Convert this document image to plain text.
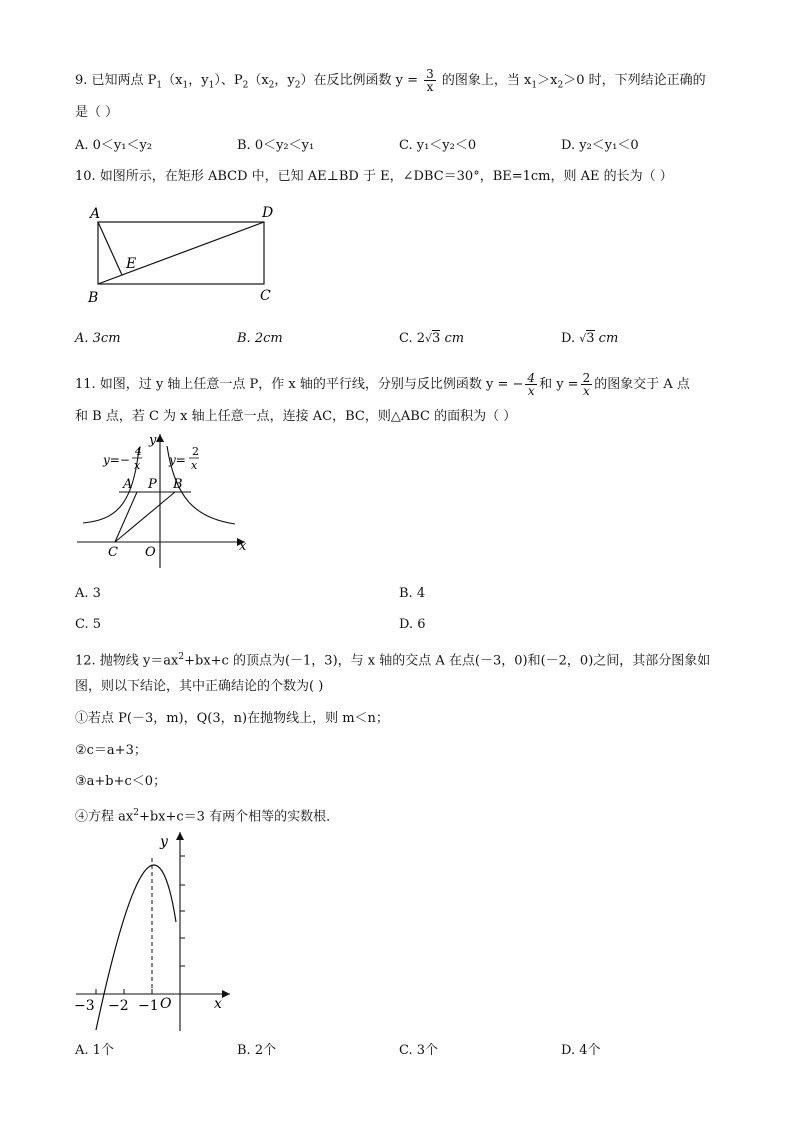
9. 已知两点 $P_1(x_1$，$y_1$）、$P_2(x_2$，$y_2$）在反比例函数 $y = \frac{3}{x}$ 的图象上，当 $x_1>x_2>0$ 时，下列结论正确的
是（ ）
A. 0＜y₁＜y₂	B. 0＜y₂＜y₁	C. y₁＜y₂＜0	D. y₂＜y₁＜0
10. 如图所示，在矩形 ABCD 中，已知 AE⊥BD 于 E，∠DBC＝30°，BE=1cm，则 AE 的长为（ ）
A	D
B	C
E
A. 3cm	B. 2cm	C. 2√3 cm	D. √3 cm
11. 如图，过 y 轴上任意一点 P，作 x 轴的平行线，分别与反比例函数 y = − $\frac{4}{x}$ 和 $y = \frac{2}{x}$ 的图象交于 A 点
和 B 点，若 C 为 x 轴上任意一点，连接 AC，BC，则△ABC 的面积为（ ）
y
x
O
A P B
C
y=−
4
x y=
2
x
A. 3	B. 4
C. 5	D. 6
12. 抛物线 $y=ax^2+bx+c$ 的顶点为(－1，3)，与 x 轴的交点 A 在点(－3，0)和(－2，0)之间，其部分图象如
图，则以下结论，其中正确结论的个数为( )
①若点 P(－3，m)，Q(3，n)在抛物线上，则 m＜n；
②c＝a+3；
③a+b+c＜0；
④方程 $ax^2+bx+c=3$ 有两个相等的实数根．
y
x
O
−3 −2 −1
A. 1个	B. 2个	C. 3个	D. 4个
